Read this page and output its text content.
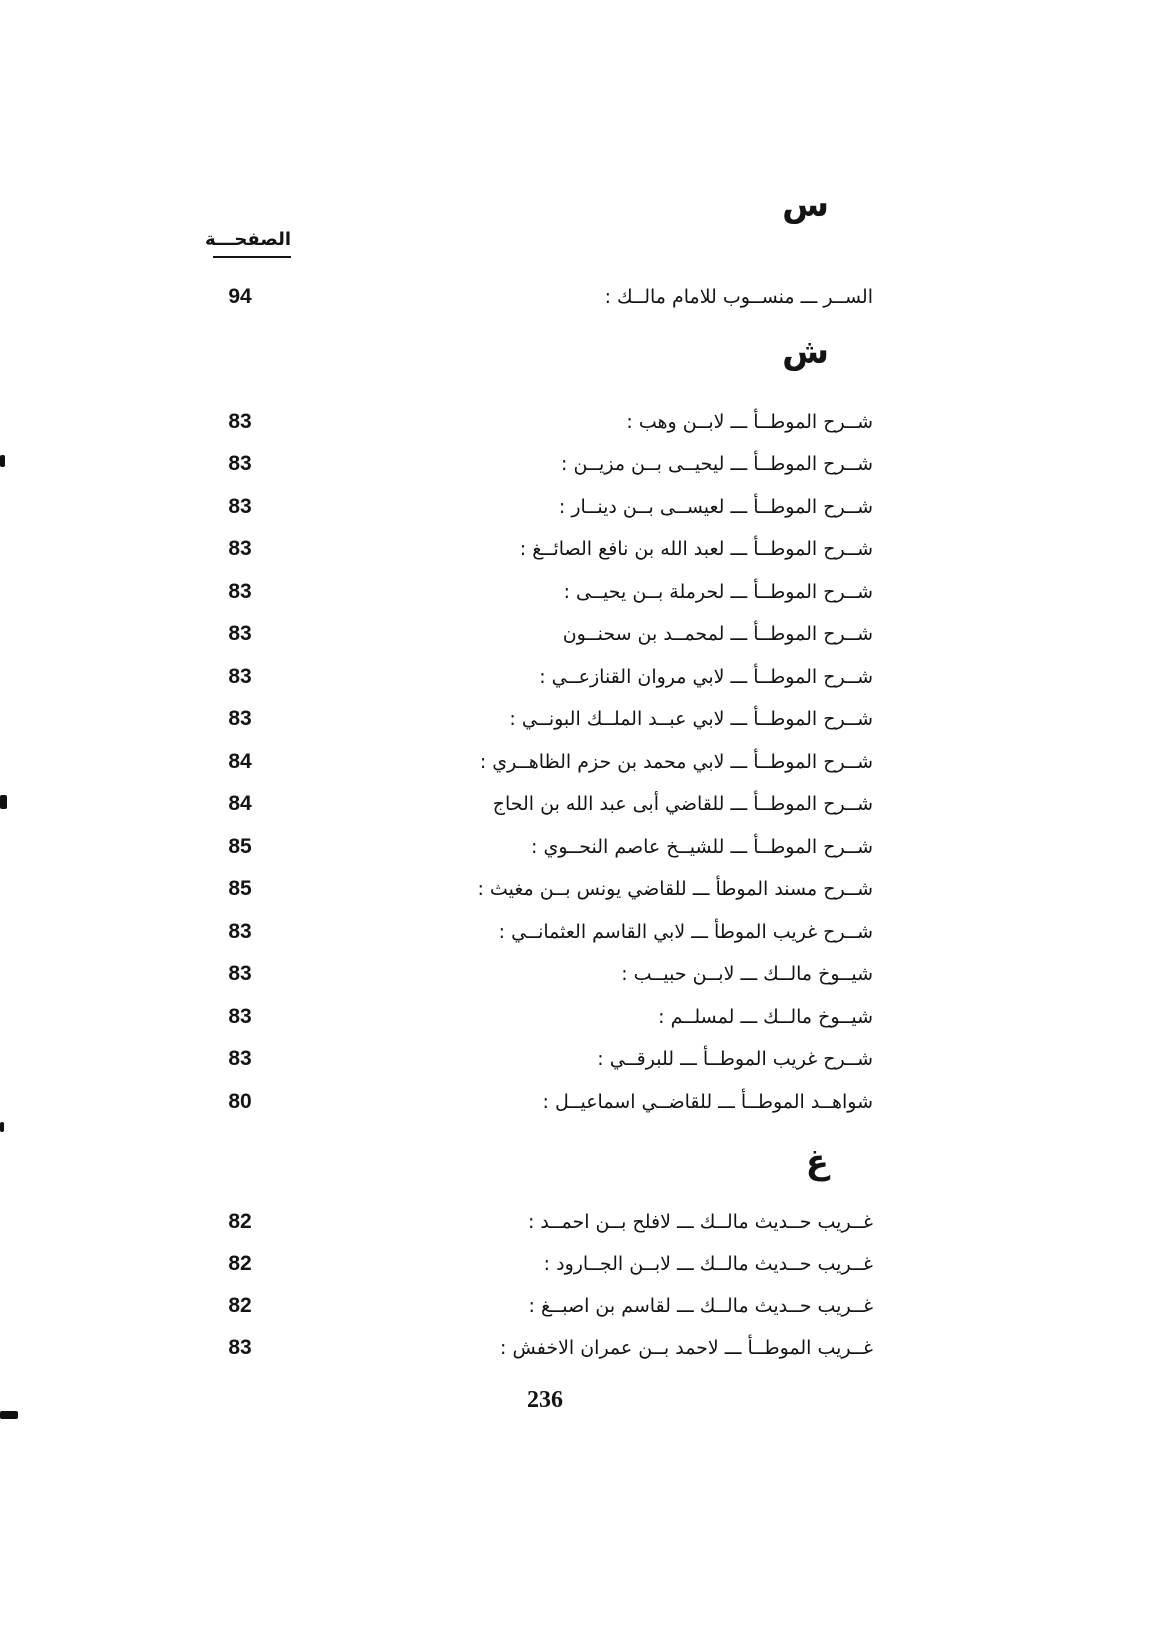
س
الصفحـــة
الســر ـــ منســوب للامام مالــك :
94
ش
شــرح الموطــأ ـــ لابــن وهب :
83
شــرح الموطــأ ـــ ليحيــى بــن مزيــن :
83
شــرح الموطــأ ـــ لعيســى بــن دينــار :
83
شــرح الموطــأ ـــ لعبد الله بن نافع الصائــغ :
83
شــرح الموطــأ ـــ لحرملة بــن يحيــى :
83
شــرح الموطــأ ـــ لمحمــد بن سحنــون
83
شــرح الموطــأ ـــ لابي مروان القنازعــي :
83
شــرح الموطــأ ـــ لابي عبــد الملــك البونــي :
83
شــرح الموطــأ ـــ لابي محمد بن حزم الظاهــري :
84
شــرح الموطــأ ـــ للقاضي أبى عبد الله بن الحاج
84
شــرح الموطــأ ـــ للشيــخ عاصم النحــوي :
85
شــرح مسند الموطأ ـــ للقاضي يونس بــن مغيث :
85
شــرح غريب الموطأ ـــ لابي القاسم العثمانــي :
83
شيــوخ مالــك ـــ لابــن حبيــب :
83
شيــوخ مالــك ـــ لمسلــم :
83
شــرح غريب الموطــأ ـــ للبرقــي :
83
شواهــد الموطــأ ـــ للقاضــي اسماعيــل :
80
غ
غــريب حــديث مالــك ـــ لافلح بــن احمــد :
82
غــريب حــديث مالــك ـــ لابــن الجــارود :
82
غــريب حــديث مالــك ـــ لقاسم بن اصبــغ :
82
غــريب الموطــأ ـــ لاحمد بــن عمران الاخفش :
83
236
